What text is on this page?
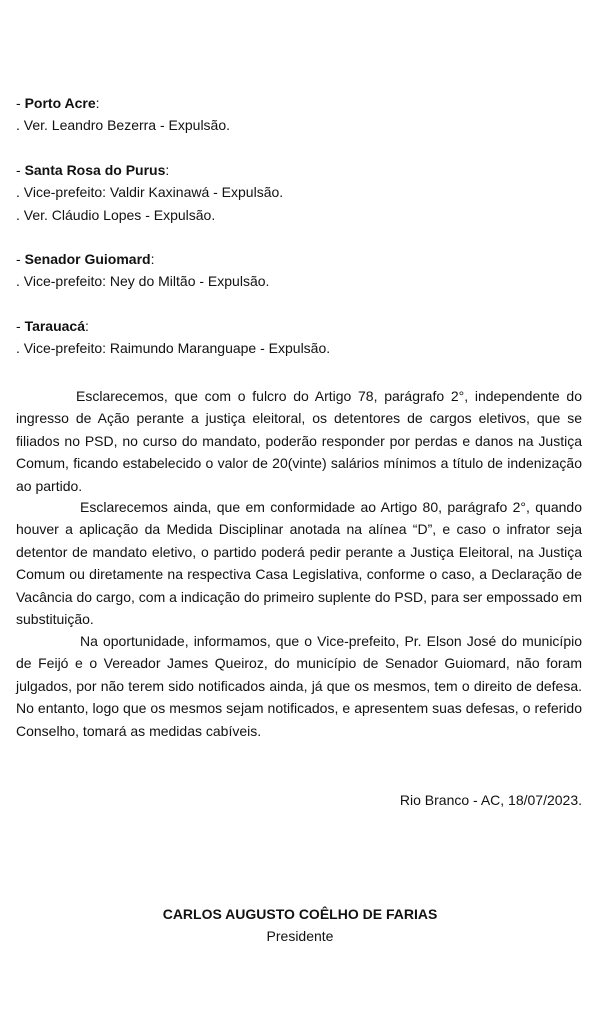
- Porto Acre:

. Ver. Leandro Bezerra - Expulsão.

- Santa Rosa do Purus:

. Vice-prefeito: Valdir Kaxinawá - Expulsão.

. Ver. Cláudio Lopes - Expulsão.

- Senador Guiomard:

. Vice-prefeito: Ney do Miltão - Expulsão.

- Tarauacá:

. Vice-prefeito: Raimundo Maranguape - Expulsão.

Esclarecemos, que com o fulcro do Artigo 78, parágrafo 2°, independente do ingresso de Ação perante a justiça eleitoral, os detentores de cargos eletivos, que se filiados no PSD, no curso do mandato, poderão responder por perdas e danos na Justiça Comum, ficando estabelecido o valor de 20(vinte) salários mínimos a título de indenização ao partido.

Esclarecemos ainda, que em conformidade ao Artigo 80, parágrafo 2°, quando houver a aplicação da Medida Disciplinar anotada na alínea “D”, e caso o infrator seja detentor de mandato eletivo, o partido poderá pedir perante a Justiça Eleitoral, na Justiça Comum ou diretamente na respectiva Casa Legislativa, conforme o caso, a Declaração de Vacância do cargo, com a indicação do primeiro suplente do PSD, para ser empossado em substituição.

Na oportunidade, informamos, que o Vice-prefeito, Pr. Elson José do município de Feijó e o Vereador James Queiroz, do município de Senador Guiomard, não foram julgados, por não terem sido notificados ainda, já que os mesmos, tem o direito de defesa. No entanto, logo que os mesmos sejam notificados, e apresentem suas defesas, o referido Conselho, tomará as medidas cabíveis.

Rio Branco - AC, 18/07/2023.

CARLOS AUGUSTO COÊLHO DE FARIAS
Presidente
